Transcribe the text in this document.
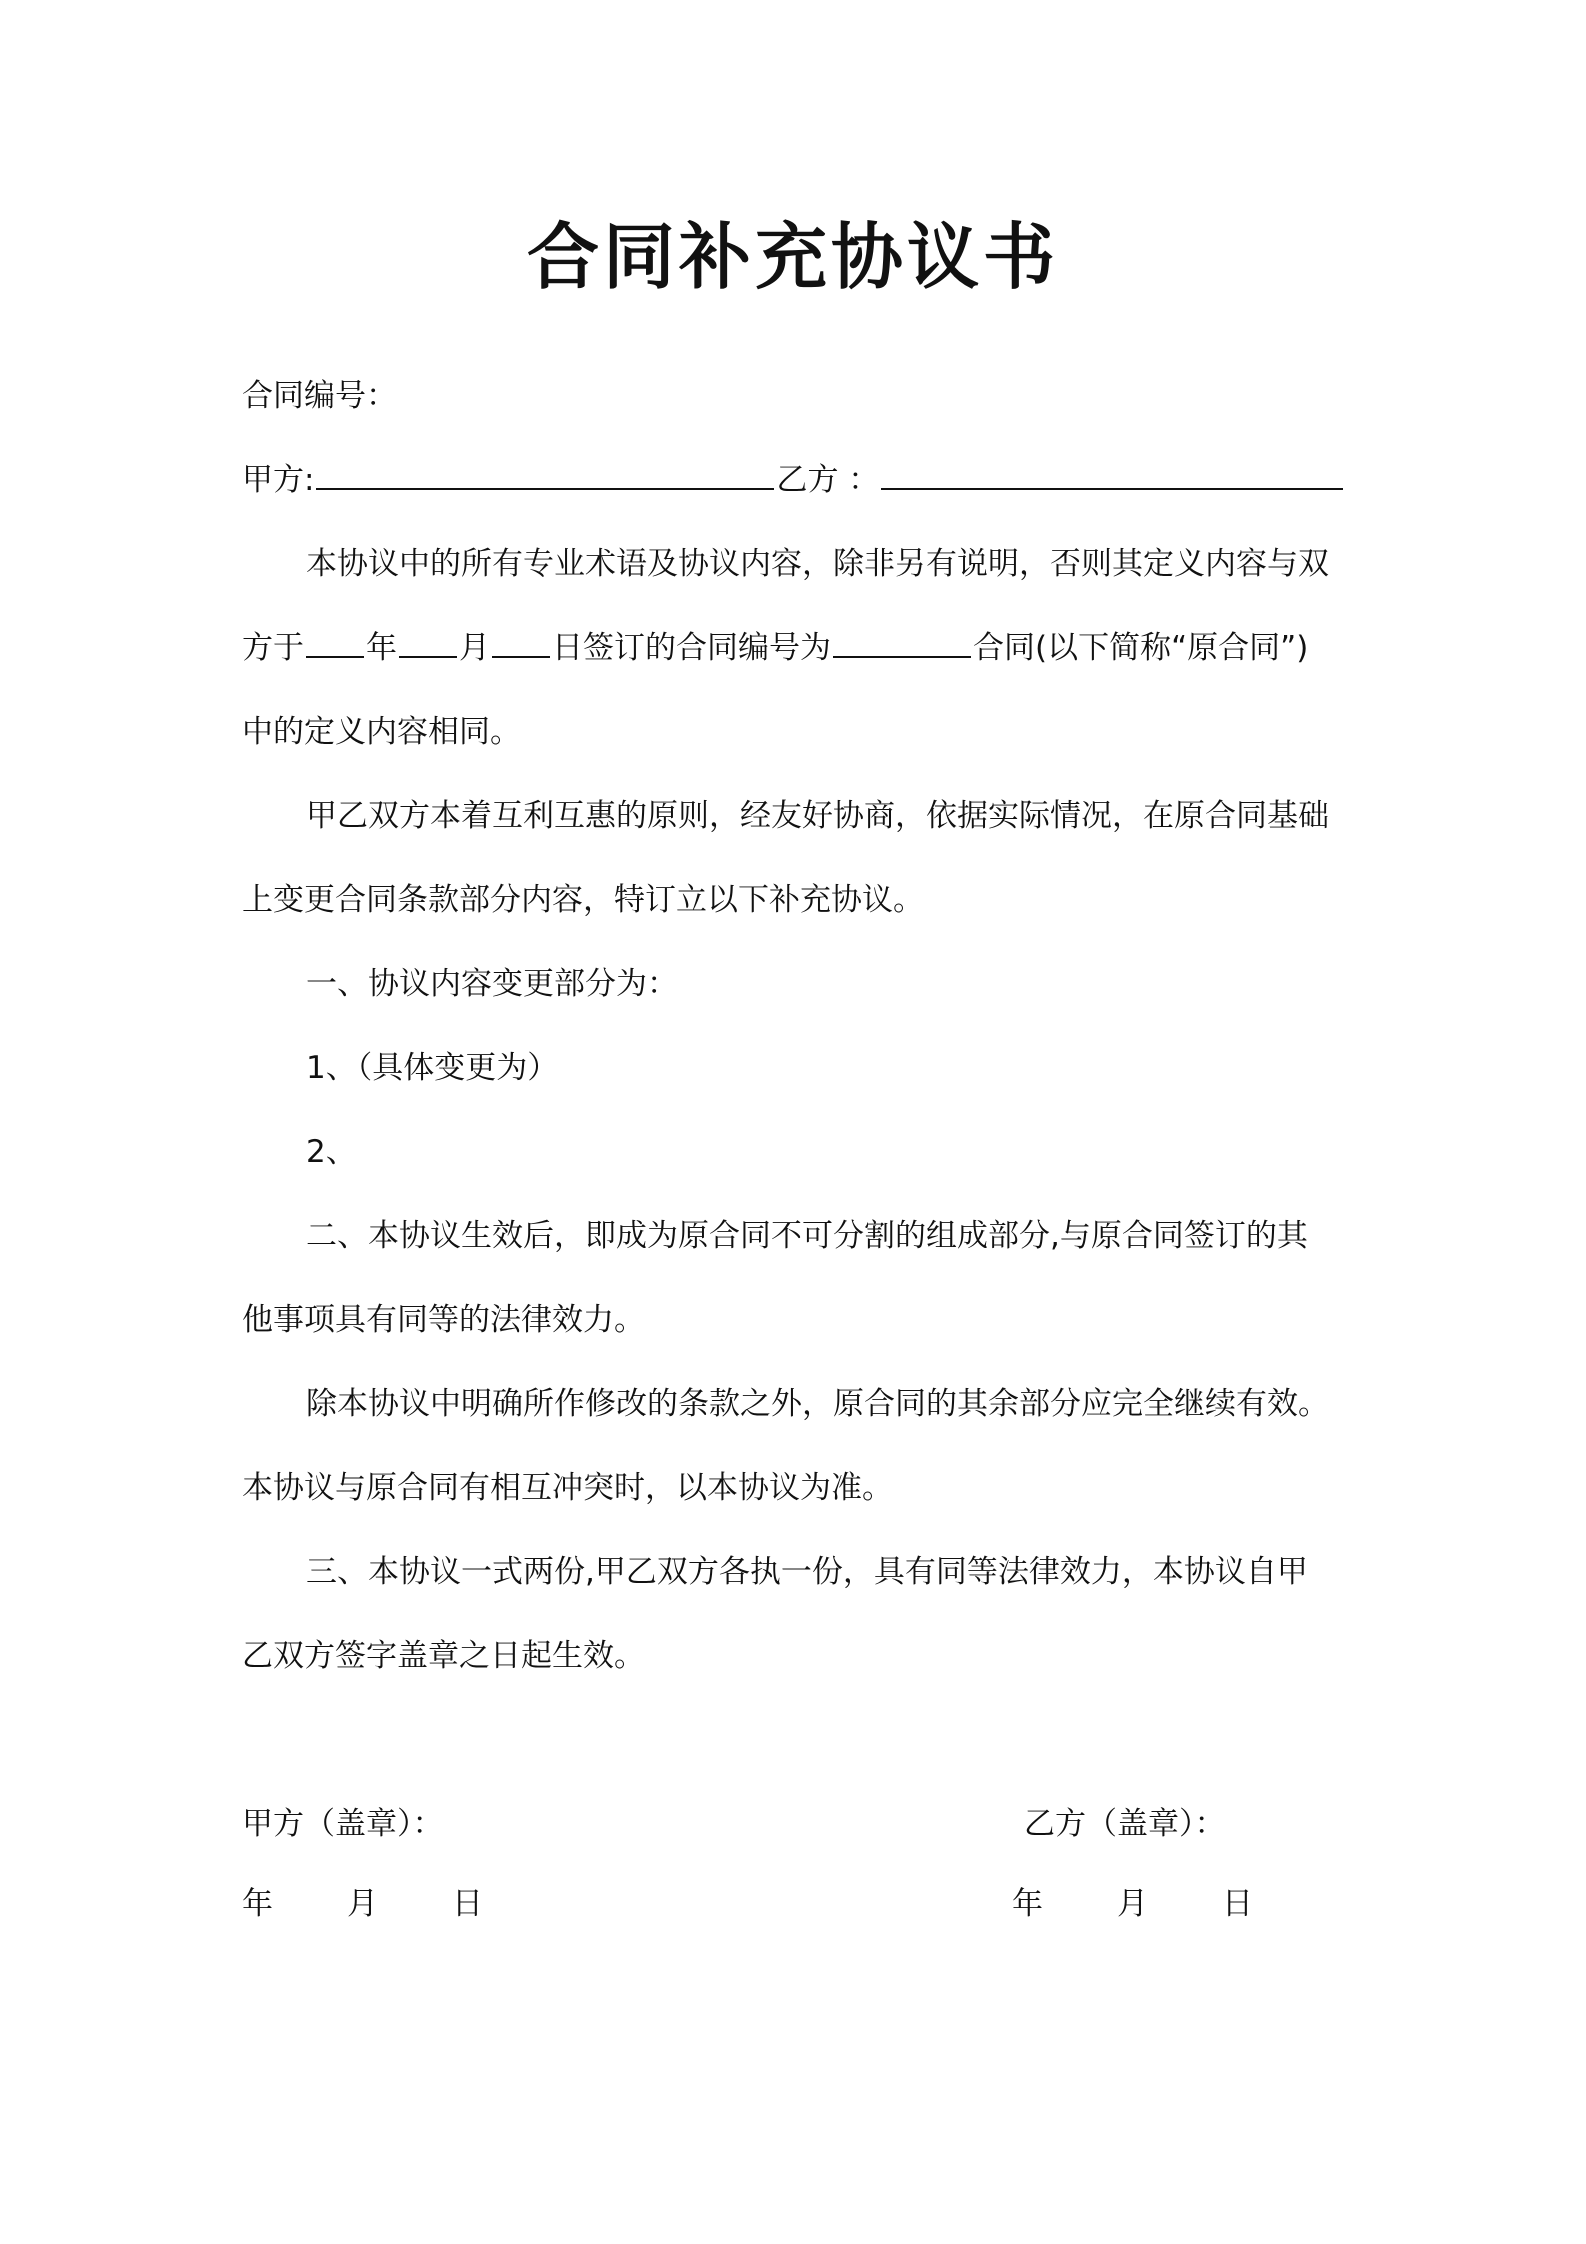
合同补充协议书
合同编号：
甲方:	乙方 ：
本协议中的所有专业术语及协议内容，除非另有说明，否则其定义内容与双
方于 年 月 日签订的合同编号为	合同(以下简称“原合同”)
中的定义内容相同。
甲乙双方本着互利互惠的原则，经友好协商，依据实际情况，在原合同基础
上变更合同条款部分内容，特订立以下补充协议。
一、协议内容变更部分为：
1、（具体变更为）
2、
二、本协议生效后，即成为原合同不可分割的组成部分,与原合同签订的其
他事项具有同等的法律效力。
除本协议中明确所作修改的条款之外，原合同的其余部分应完全继续有效。
本协议与原合同有相互冲突时，以本协议为准。
三、本协议一式两份,甲乙双方各执一份，具有同等法律效力，本协议自甲
乙双方签字盖章之日起生效。
甲方（盖章）：	乙方（盖章）：
年 月 日	年 月 日
